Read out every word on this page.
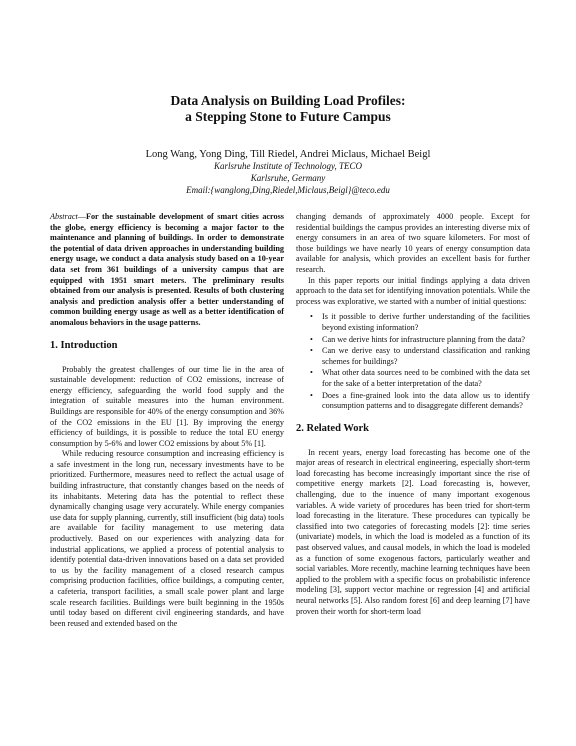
Data Analysis on Building Load Profiles:
a Stepping Stone to Future Campus
Long Wang, Yong Ding, Till Riedel, Andrei Miclaus, Michael Beigl
Karlsruhe Institute of Technology, TECO
Karlsruhe, Germany
Email:{wanglong,Ding,Riedel,Miclaus,Beigl}@teco.edu

Abstract—For the sustainable development of smart cities across the globe, energy efficiency is becoming a major factor to the maintenance and planning of buildings. In order to demonstrate the potential of data driven approaches in understanding building energy usage, we conduct a data analysis study based on a 10-year data set from 361 buildings of a university campus that are equipped with 1951 smart meters. The preliminary results obtained from our analysis is presented. Results of both clustering analysis and prediction analysis offer a better understanding of common building energy usage as well as a better identification of anomalous behaviors in the usage patterns.

1. Introduction

Probably the greatest challenges of our time lie in the area of sustainable development: reduction of CO2 emissions, increase of energy efficiency, safeguarding the world food supply and the integration of suitable measures into the human environment. Buildings are responsible for 40% of the energy consumption and 36% of the CO2 emissions in the EU [1]. By improving the energy efficiency of buildings, it is possible to reduce the total EU energy consumption by 5-6% and lower CO2 emissions by about 5% [1].

While reducing resource consumption and increasing efficiency is a safe investment in the long run, necessary investments have to be prioritized. Furthermore, measures need to reflect the actual usage of building infrastructure, that constantly changes based on the needs of its inhabitants. Metering data has the potential to reflect these dynamically changing usage very accurately. While energy companies use data for supply planning, currently, still insufficient (big data) tools are available for facility management to use metering data productively. Based on our experiences with analyzing data for industrial applications, we applied a process of potential analysis to identify potential data-driven innovations based on a data set provided to us by the facility management of a closed research campus comprising production facilities, office buildings, a computing center, a cafeteria, transport facilities, a small scale power plant and large scale research facilities. Buildings were built beginning in the 1950s until today based on different civil engineering standards, and have been reused and extended based on the

changing demands of approximately 4000 people. Except for residential buildings the campus provides an interesting diverse mix of energy consumers in an area of two square kilometers. For most of those buildings we have nearly 10 years of energy consumption data available for analysis, which provides an excellent basis for further research.

In this paper reports our initial findings applying a data driven approach to the data set for identifying innovation potentials. While the process was explorative, we started with a number of initial questions:

• Is it possible to derive further understanding of the facilities beyond existing information?
• Can we derive hints for infrastructure planning from the data?
• Can we derive easy to understand classification and ranking schemes for buildings?
• What other data sources need to be combined with the data set for the sake of a better interpretation of the data?
• Does a fine-grained look into the data allow us to identify consumption patterns and to disaggregate different demands?
2. Related Work

In recent years, energy load forecasting has become one of the major areas of research in electrical engineering, especially short-term load forecasting has become increasingly important since the rise of competitive energy markets [2]. Load forecasting is, however, challenging, due to the inuence of many important exogenous variables. A wide variety of procedures has been tried for short-term load forecasting in the literature. These procedures can typically be classified into two categories of forecasting models [2]: time series (univariate) models, in which the load is modeled as a function of its past observed values, and causal models, in which the load is modeled as a function of some exogenous factors, particularly weather and social variables. More recently, machine learning techniques have been applied to the problem with a specific focus on probabilistic inference modeling [3], support vector machine or regression [4] and artificial neural networks [5]. Also random forest [6] and deep learning [7] have proven their worth for short-term load
